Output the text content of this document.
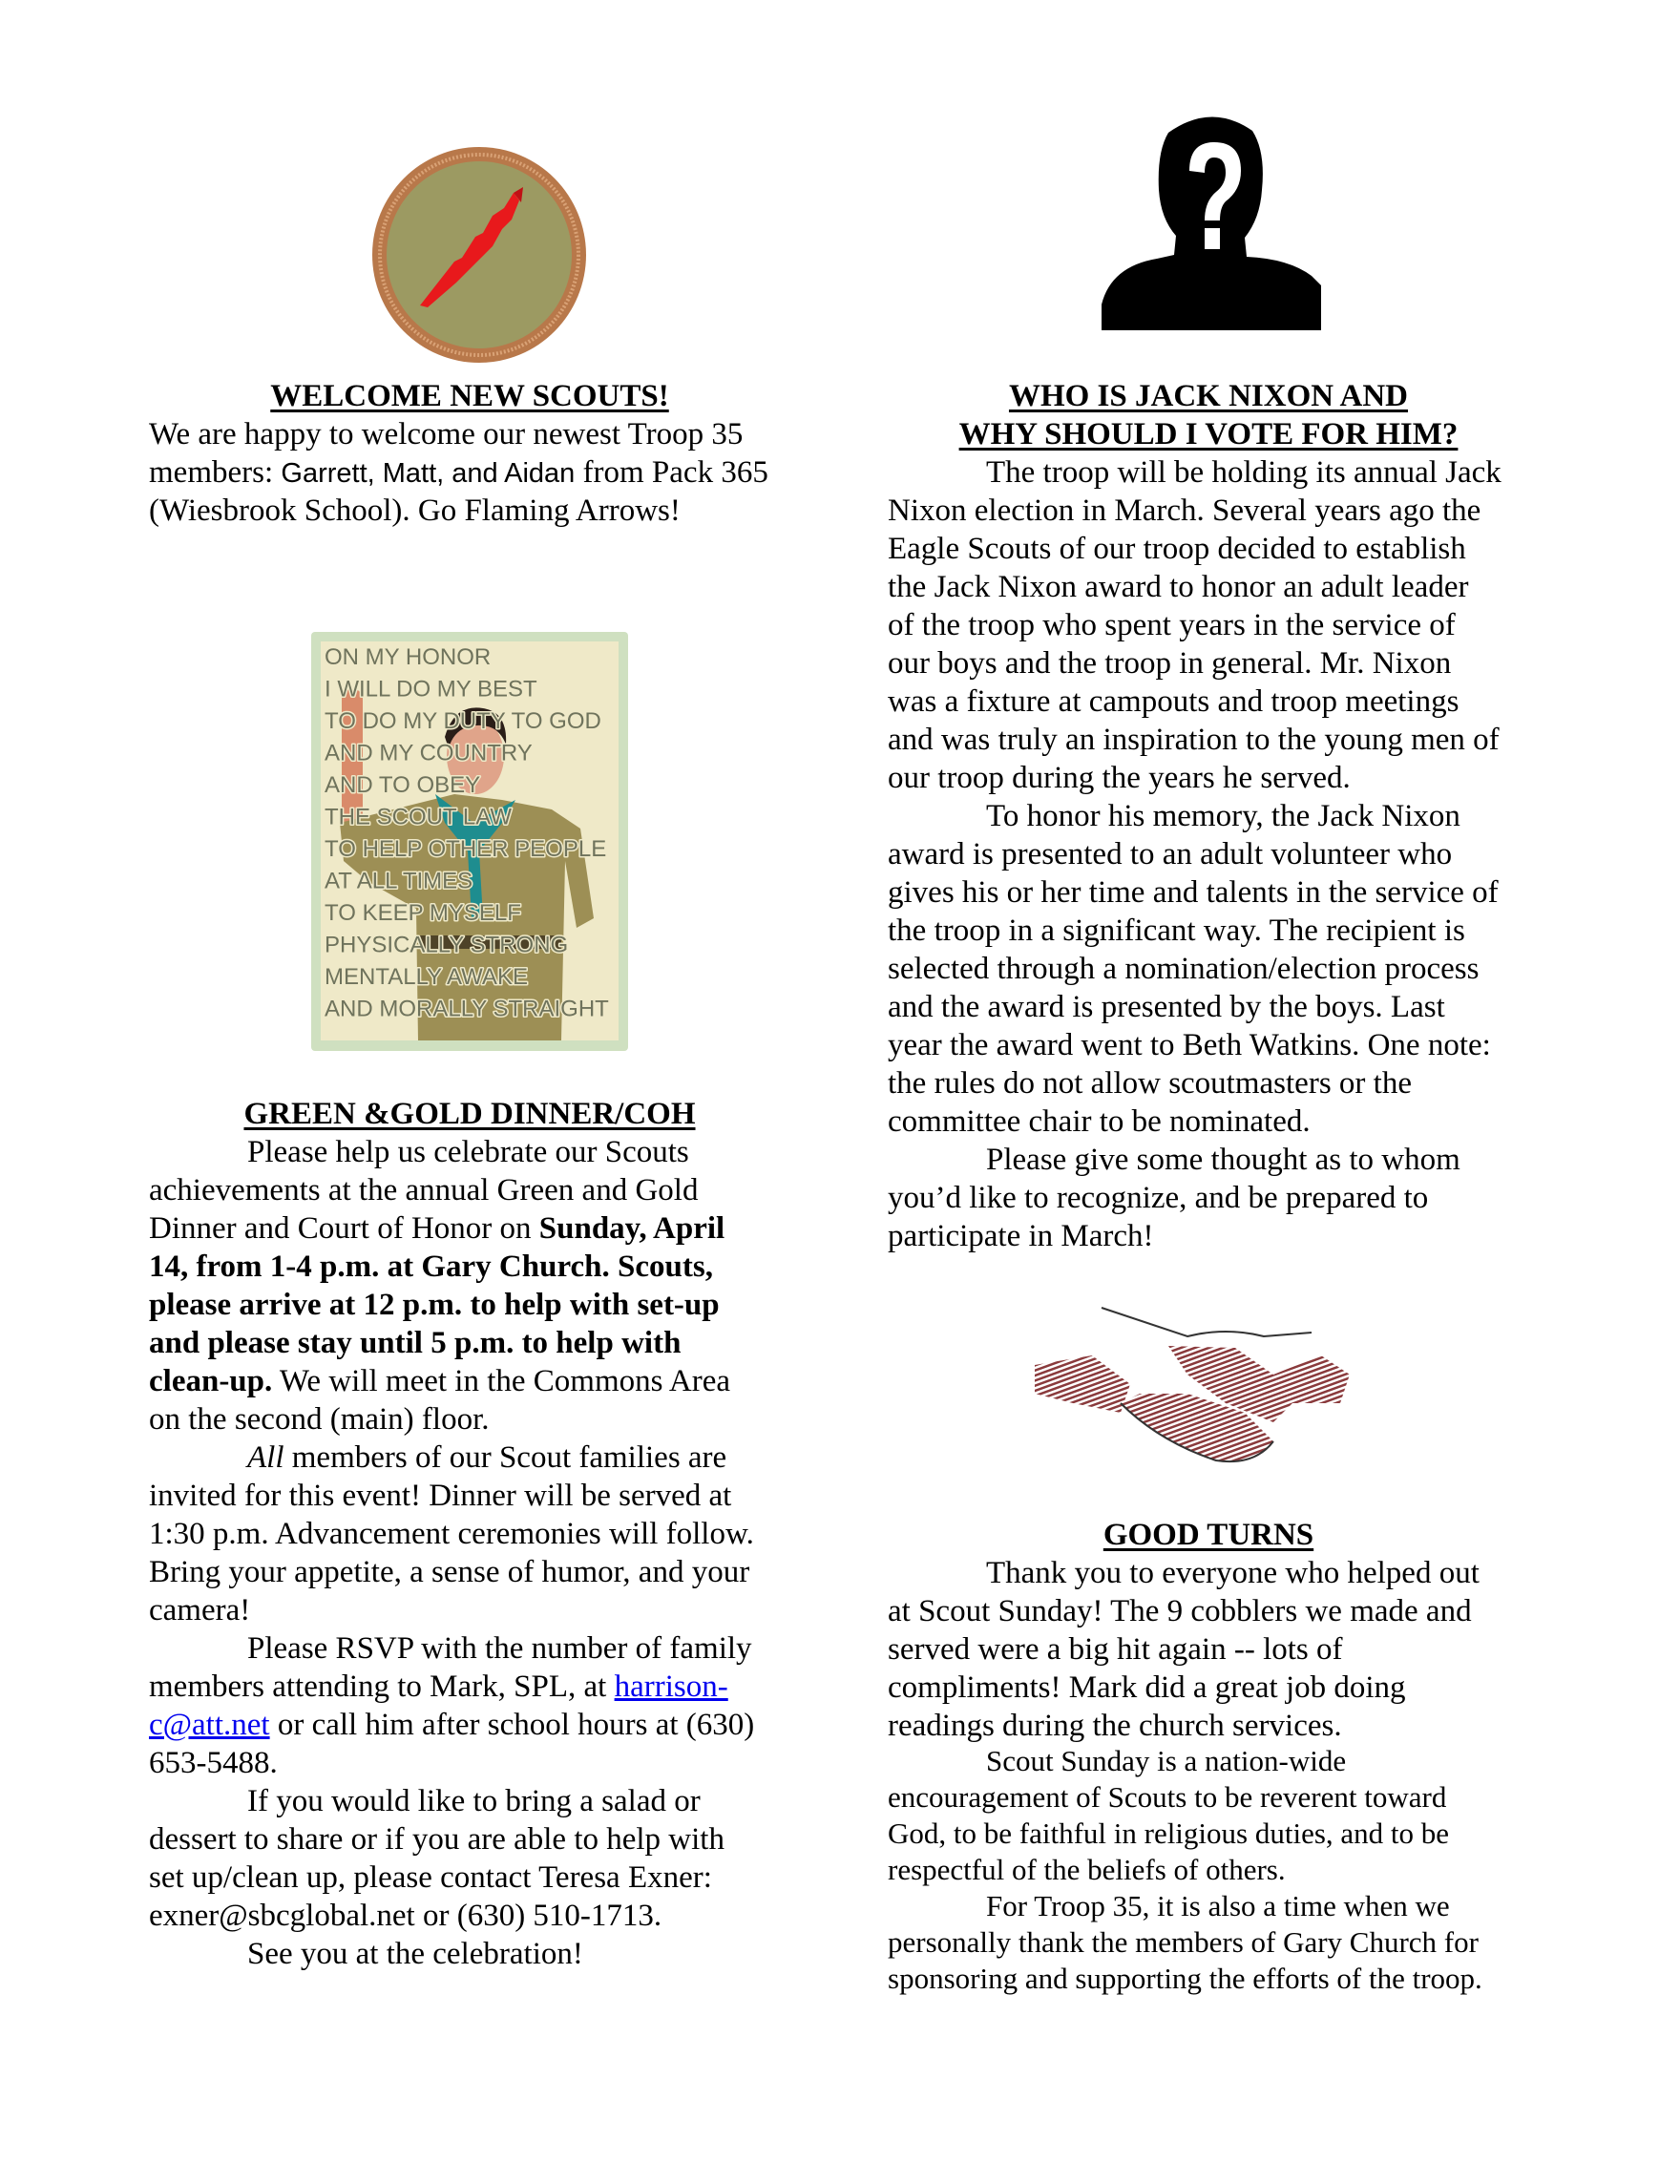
ON MY HONOR
I WILL DO MY BEST
TO DO MY DUTY TO GOD
AND MY COUNTRY
AND TO OBEY
THE SCOUT LAW
TO HELP OTHER PEOPLE
AT ALL TIMES
TO KEEP MYSELF
PHYSICALLY STRONG
MENTALLY AWAKE
AND MORALLY STRAIGHT
WELCOME NEW SCOUTS!
We are happy to welcome our newest Troop 35
members: Garrett, Matt, and Aidan from Pack 365
(Wiesbrook School). Go Flaming Arrows!
GREEN &GOLD DINNER/COH
Please help us celebrate our Scouts
achievements at the annual Green and Gold
Dinner and Court of Honor on Sunday, April
14, from 1-4 p.m. at Gary Church. Scouts,
please arrive at 12 p.m. to help with set-up
and please stay until 5 p.m. to help with
clean-up. We will meet in the Commons Area
on the second (main) floor.
All members of our Scout families are
invited for this event! Dinner will be served at
1:30 p.m. Advancement ceremonies will follow.
Bring your appetite, a sense of humor, and your
camera!
Please RSVP with the number of family
members attending to Mark, SPL, at harrison-
c@att.net or call him after school hours at (630)
653-5488.
If you would like to bring a salad or
dessert to share or if you are able to help with
set up/clean up, please contact Teresa Exner:
exner@sbcglobal.net or (630) 510-1713.
See you at the celebration!
WHO IS JACK NIXON AND
WHY SHOULD I VOTE FOR HIM?
The troop will be holding its annual Jack
Nixon election in March. Several years ago the
Eagle Scouts of our troop decided to establish
the Jack Nixon award to honor an adult leader
of the troop who spent years in the service of
our boys and the troop in general. Mr. Nixon
was a fixture at campouts and troop meetings
and was truly an inspiration to the young men of
our troop during the years he served.
To honor his memory, the Jack Nixon
award is presented to an adult volunteer who
gives his or her time and talents in the service of
the troop in a significant way. The recipient is
selected through a nomination/election process
and the award is presented by the boys. Last
year the award went to Beth Watkins. One note:
the rules do not allow scoutmasters or the
committee chair to be nominated.
Please give some thought as to whom
you’d like to recognize, and be prepared to
participate in March!
GOOD TURNS
Thank you to everyone who helped out
at Scout Sunday! The 9 cobblers we made and
served were a big hit again -- lots of
compliments! Mark did a great job doing
readings during the church services.
Scout Sunday is a nation-wide
encouragement of Scouts to be reverent toward
God, to be faithful in religious duties, and to be
respectful of the beliefs of others.
For Troop 35, it is also a time when we
personally thank the members of Gary Church for
sponsoring and supporting the efforts of the troop.
